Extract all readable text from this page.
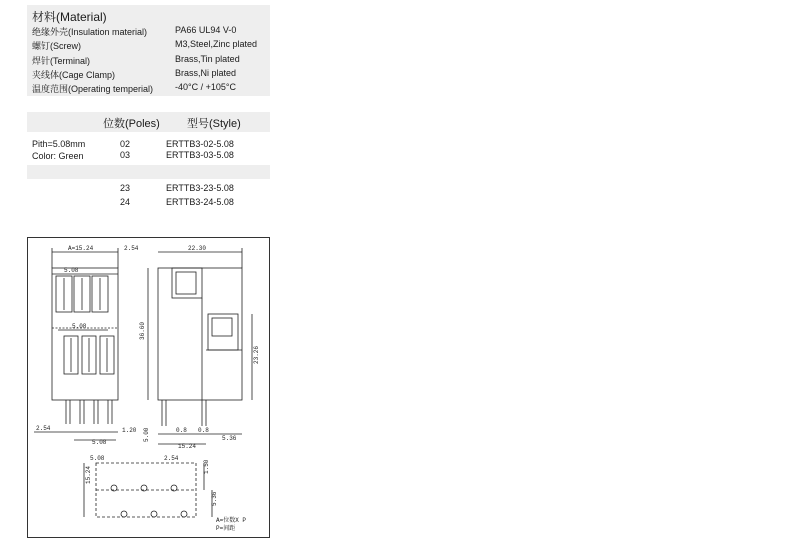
材料(Material)
绝缘外壳(Insulation material)	PA66 UL94 V-0
螺钉(Screw)	M3,Steel,Zinc plated
焊针(Terminal)	Brass,Tin plated
夹线体(Cage Clamp)	Brass,Ni plated
温度范围(Operating temperial) -40°C / +105°C
位数(Poles) 型号(Style)
Pith=5.08mm
Color: Green
02	ERTTB3-02-5.08
03	ERTTB3-03-5.08
23	ERTTB3-23-5.08
24	ERTTB3-24-5.08
A=15.24	2.54	22.30
5.08
5.08	36.60
23.26
2.54
5.08
1.20 5.00	0.8 0.8
15.24
5.36
5.08	2.54
15.24	1.50
5.36
A=位数X P
P=间距
